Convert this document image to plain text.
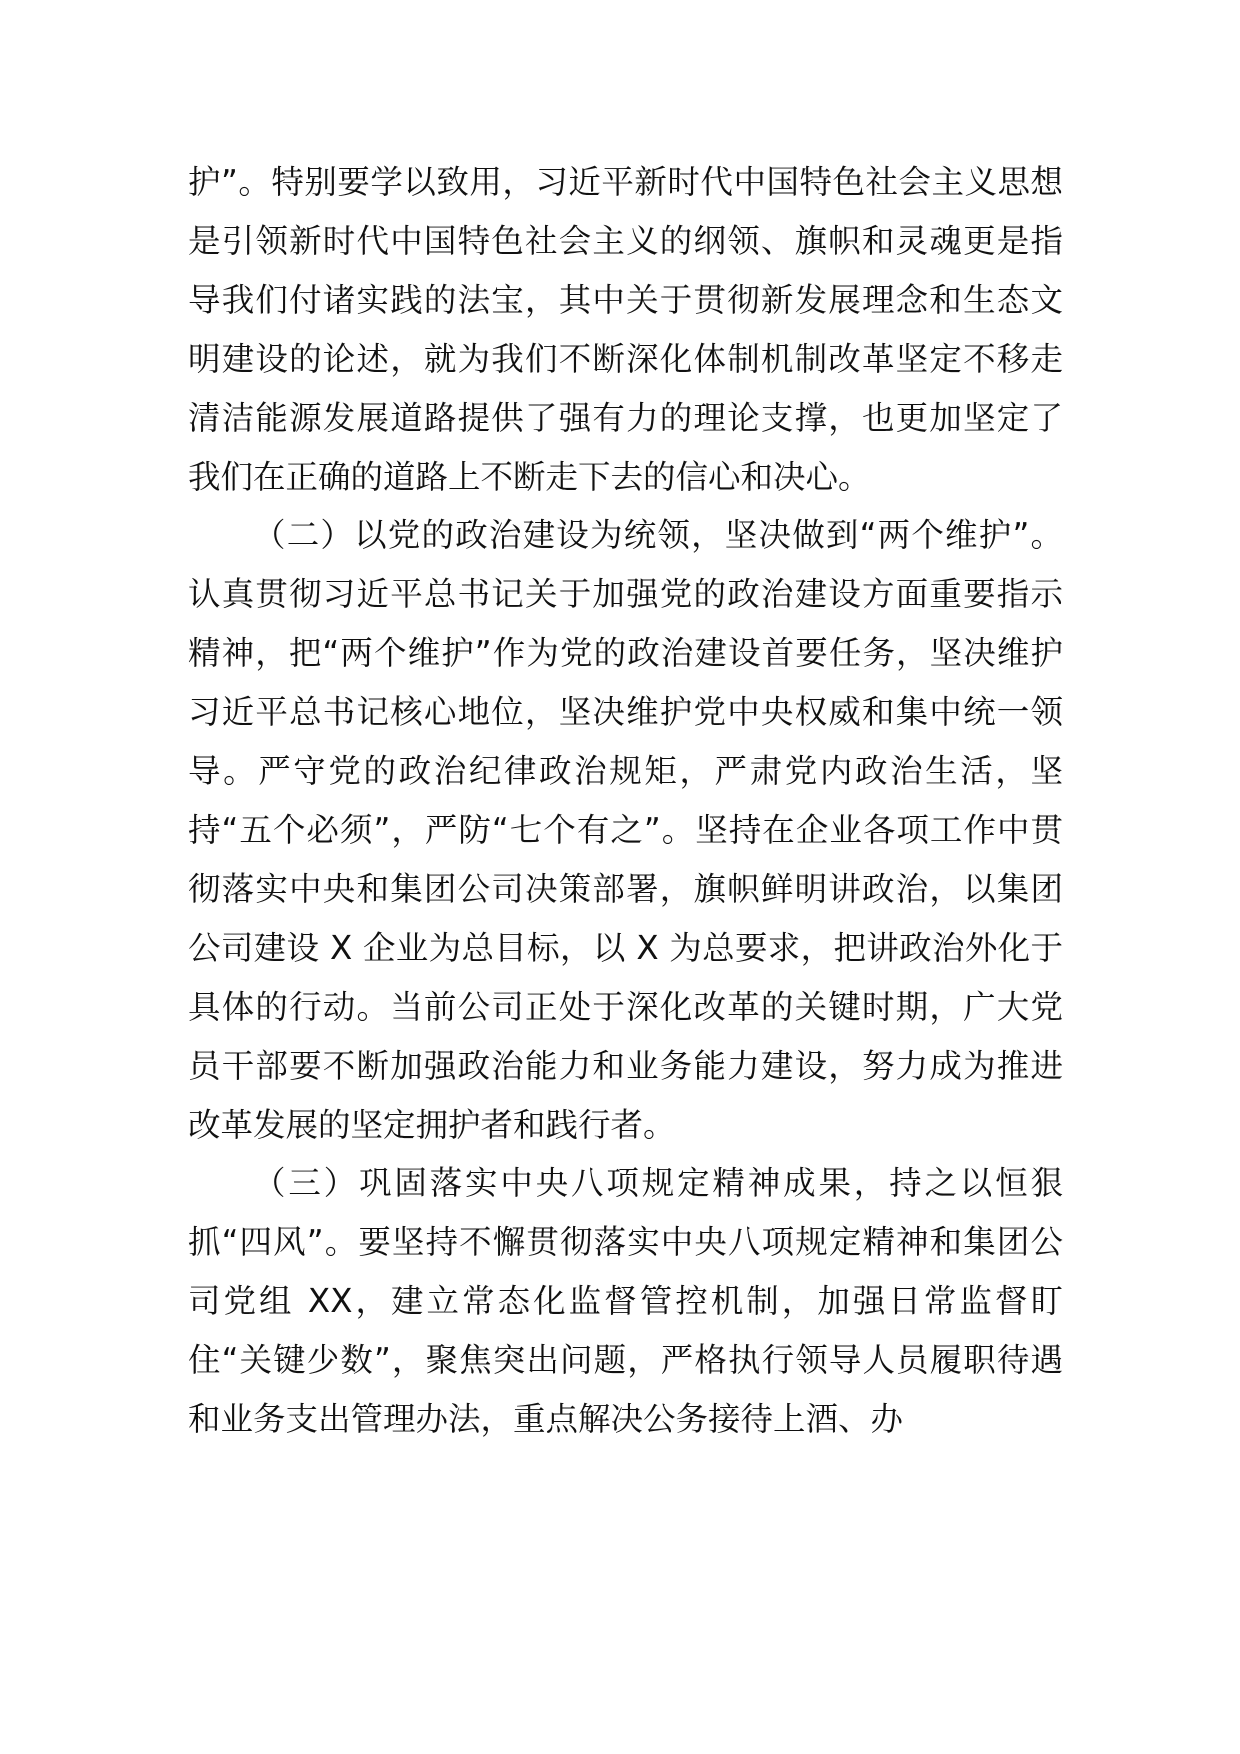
护”。特别要学以致用，习近平新时代中国特色社会主义思想是引领新时代中国特色社会主义的纲领、旗帜和灵魂更是指导我们付诸实践的法宝，其中关于贯彻新发展理念和生态文明建设的论述，就为我们不断深化体制机制改革坚定不移走清洁能源发展道路提供了强有力的理论支撑，也更加坚定了我们在正确的道路上不断走下去的信心和决心。

（二）以党的政治建设为统领，坚决做到“两个维护”。认真贯彻习近平总书记关于加强党的政治建设方面重要指示精神，把“两个维护”作为党的政治建设首要任务，坚决维护习近平总书记核心地位，坚决维护党中央权威和集中统一领导。严守党的政治纪律政治规矩，严肃党内政治生活，坚持“五个必须”，严防“七个有之”。坚持在企业各项工作中贯彻落实中央和集团公司决策部署，旗帜鲜明讲政治，以集团公司建设 X 企业为总目标，以 X 为总要求，把讲政治外化于具体的行动。当前公司正处于深化改革的关键时期，广大党员干部要不断加强政治能力和业务能力建设，努力成为推进改革发展的坚定拥护者和践行者。

（三）巩固落实中央八项规定精神成果，持之以恒狠抓“四风”。要坚持不懈贯彻落实中央八项规定精神和集团公司党组 XX，建立常态化监督管控机制，加强日常监督盯住“关键少数”，聚焦突出问题，严格执行领导人员履职待遇和业务支出管理办法，重点解决公务接待上酒、办
